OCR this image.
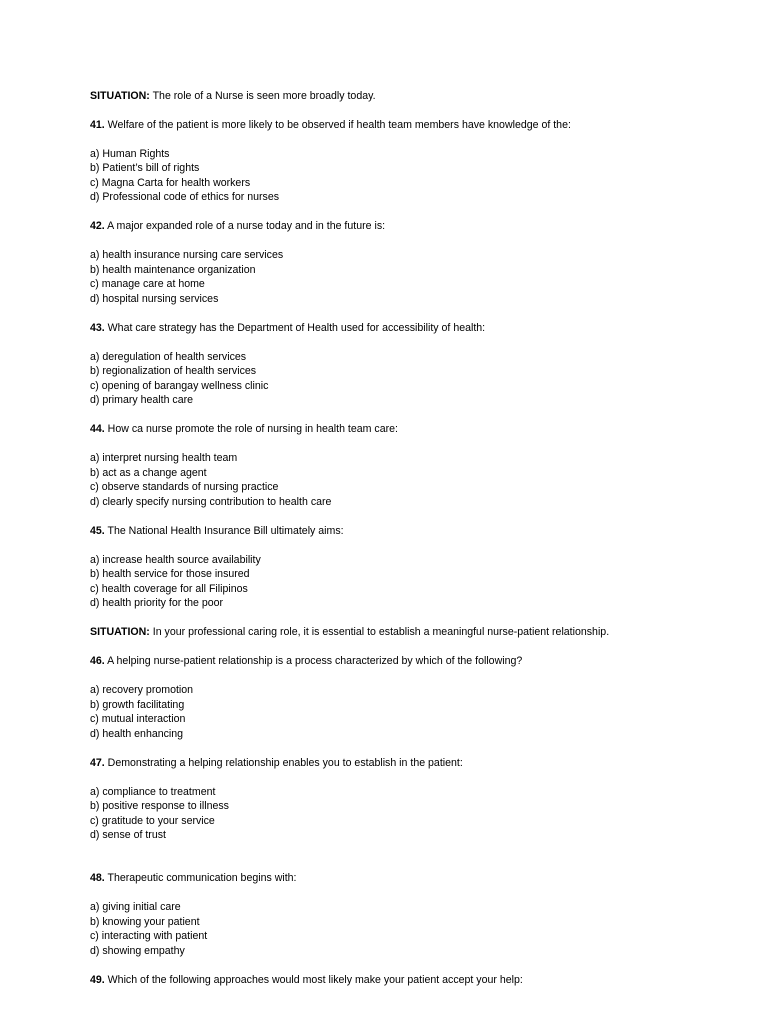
SITUATION: The role of a Nurse is seen more broadly today.
41. Welfare of the patient is more likely to be observed if health team members have knowledge of the:
a) Human Rights
b) Patient’s bill of rights
c) Magna Carta for health workers
d) Professional code of ethics for nurses
42. A major expanded role of a nurse today and in the future is:
a) health insurance nursing care services
b) health maintenance organization
c) manage care at home
d) hospital nursing services
43. What care strategy has the Department of Health used for accessibility of health:
a) deregulation of health services
b) regionalization of health services
c) opening of barangay wellness clinic
d) primary health care
44. How ca nurse promote the role of nursing in health team care:
a) interpret nursing health team
b) act as a change agent
c) observe standards of nursing practice
d) clearly specify nursing contribution to health care
45. The National Health Insurance Bill ultimately aims:
a) increase health source availability
b) health service for those insured
c) health coverage for all Filipinos
d) health priority for the poor
SITUATION: In your professional caring role, it is essential to establish a meaningful nurse-patient relationship.
46. A helping nurse-patient relationship is a process characterized by which of the following?
a) recovery promotion
b) growth facilitating
c) mutual interaction
d) health enhancing
47. Demonstrating a helping relationship enables you to establish in the patient:
a) compliance to treatment
b) positive response to illness
c) gratitude to your service
d) sense of trust
48. Therapeutic communication begins with:
a) giving initial care
b) knowing your patient
c) interacting with patient
d) showing empathy
49. Which of the following approaches would most likely make your patient accept your help:
